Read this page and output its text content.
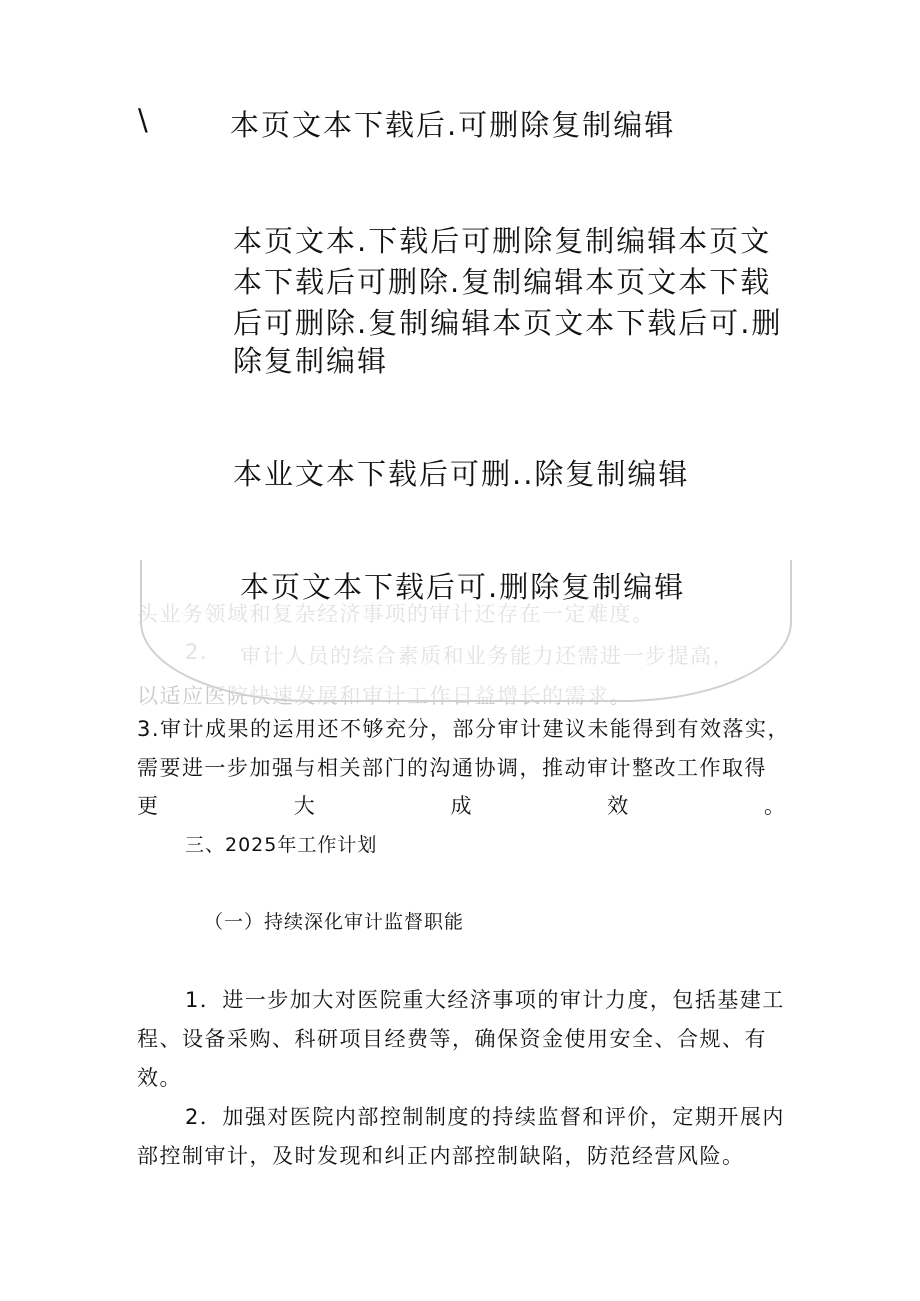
\	本页文本下载后.可删除复制编辑
本页文本.下载后可删除复制编辑本页文
本下载后可删除.复制编辑本页文本下载
后可删除.复制编辑本页文本下载后可.删
除复制编辑
本业文本下载后可删..除复制编辑
头业务领域和复杂经济事项的审计还存在一定难度。
2. 审计人员的综合素质和业务能力还需进一步提高，
以适应医院快速发展和审计工作日益增长的需求。
本页文本下载后可.删除复制编辑
3.审计成果的运用还不够充分，部分审计建议未能得到有效落实，
需要进一步加强与相关部门的沟通协调，推动审计整改工作取得
更	大	成	效	。
三、2025年工作计划
（一）持续深化审计监督职能
1．进一步加大对医院重大经济事项的审计力度，包括基建工
程、设备采购、科研项目经费等，确保资金使用安全、合规、有
效。
2．加强对医院内部控制制度的持续监督和评价，定期开展内
部控制审计，及时发现和纠正内部控制缺陷，防范经营风险。
